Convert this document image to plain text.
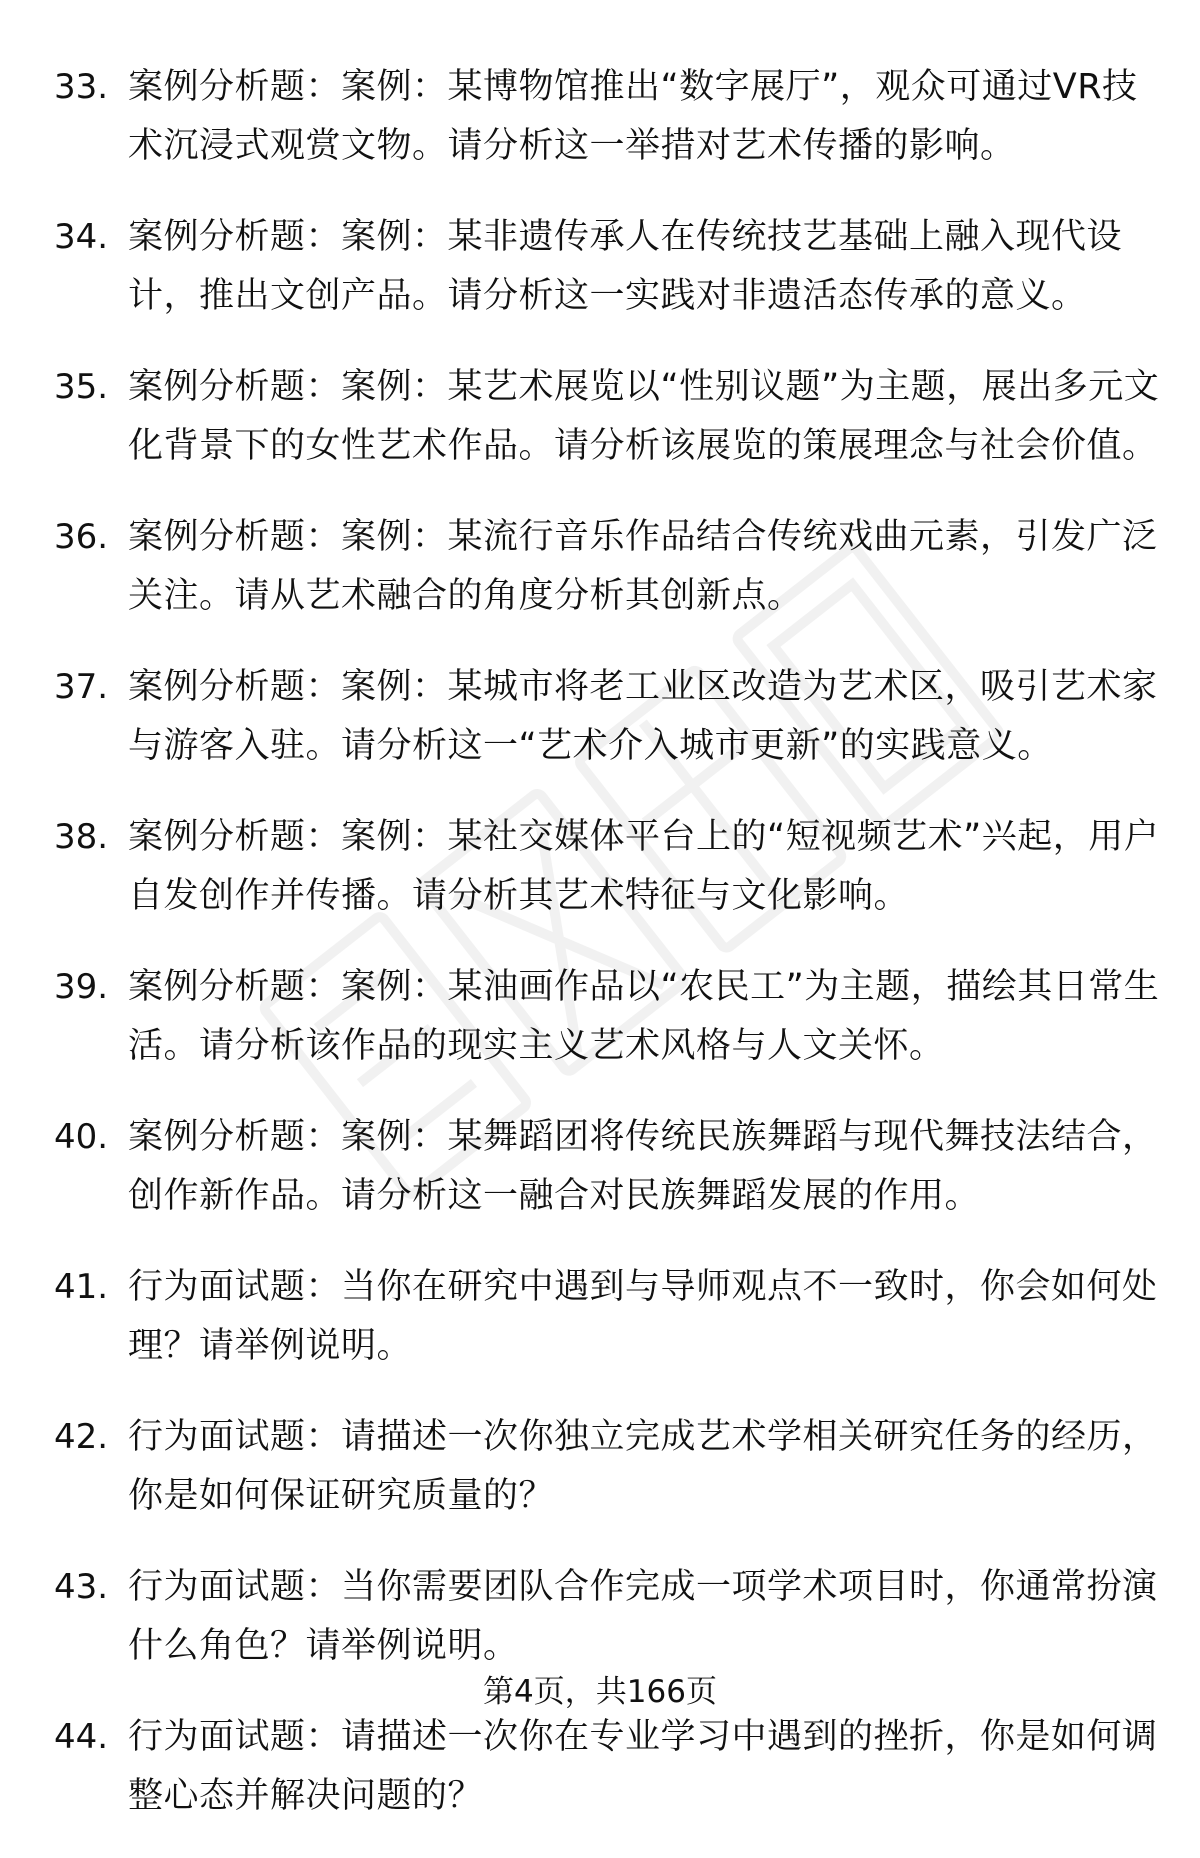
33. 案例分析题：案例：某博物馆推出“数字展厅”，观众可通过VR技术沉浸式观赏文物。请分析这一举措对艺术传播的影响。
34. 案例分析题：案例：某非遗传承人在传统技艺基础上融入现代设计，推出文创产品。请分析这一实践对非遗活态传承的意义。
35. 案例分析题：案例：某艺术展览以“性别议题”为主题，展出多元文化背景下的女性艺术作品。请分析该展览的策展理念与社会价值。
36. 案例分析题：案例：某流行音乐作品结合传统戏曲元素，引发广泛关注。请从艺术融合的角度分析其创新点。
37. 案例分析题：案例：某城市将老工业区改造为艺术区，吸引艺术家与游客入驻。请分析这一“艺术介入城市更新”的实践意义。
38. 案例分析题：案例：某社交媒体平台上的“短视频艺术”兴起，用户自发创作并传播。请分析其艺术特征与文化影响。
39. 案例分析题：案例：某油画作品以“农民工”为主题，描绘其日常生活。请分析该作品的现实主义艺术风格与人文关怀。
40. 案例分析题：案例：某舞蹈团将传统民族舞蹈与现代舞技法结合，创作新作品。请分析这一融合对民族舞蹈发展的作用。
41. 行为面试题：当你在研究中遇到与导师观点不一致时，你会如何处理？请举例说明。
42. 行为面试题：请描述一次你独立完成艺术学相关研究任务的经历，你是如何保证研究质量的？
43. 行为面试题：当你需要团队合作完成一项学术项目时，你通常扮演什么角色？请举例说明。
44. 行为面试题：请描述一次你在专业学习中遇到的挫折，你是如何调整心态并解决问题的？
第4页，共166页
